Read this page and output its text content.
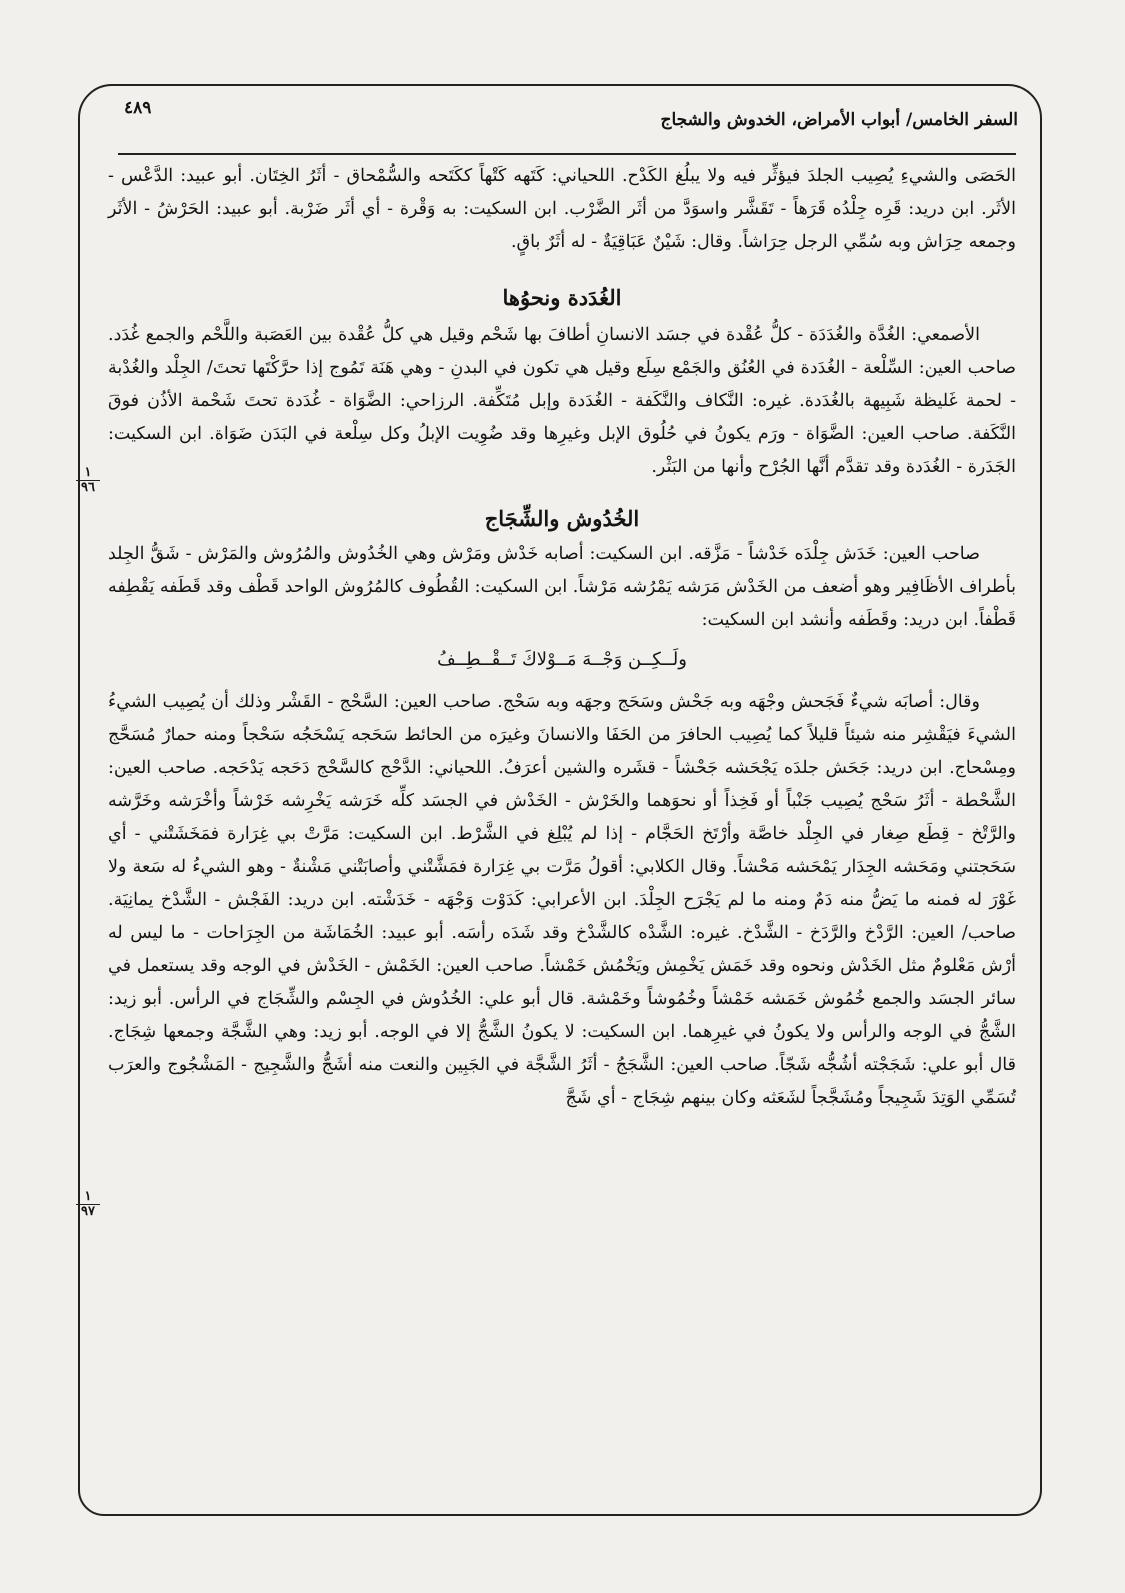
السفر الخامس/ أبواب الأمراض، الخدوش والشجاج
٤٨٩

الحَصَى والشيءِ يُصِيب الجلدَ فيؤثِّر فيه ولا يبلُغ الكَدْح. اللحياني: كَتَهه كَتْهاً ككَتَحه والسُّمْحاق - أثَرُ الخِتَان. أبو عبيد: الدَّعْس - الأثَر. ابن دريد: قَرِه جِلْدُه قَرَهاً - تَقَشَّر واسوَدَّ من أثَر الضَّرْب. ابن السكيت: به وَقْرة - أي أثَر ضَرْبة. أبو عبيد: الحَرْشُ - الأثَر وجمعه حِرَاش وبه سُمِّي الرجل حِرَاشاً. وقال: شَيْنٌ عَبَاقِيَةٌ - له أثَرٌ باقٍ.

الغُدَدة ونحوُها

الأصمعي: الغُدَّة والغُدَدَة - كلُّ عُقْدة في جسَد الانسانِ أطافَ بها شَحْم وقيل هي كلُّ عُقْدة بين العَصَبة واللَّحْم والجمع غُدَد. صاحب العين: السِّلْعة - الغُدَدة في العُنُق والجَمْع سِلَع وقيل هي تكون في البدنِ - وهي هَنَة تَمُوج إذا حرَّكْتَها تحتَ/ الجِلْد والغُدْبة - لحمة غَليظة شَبِيهة بالغُدَدة. غيره: النَّكاف والنَّكَفة - الغُدَدة وإبل مُتَكِّفة. الرزاحي: الضَّوَاة - غُدَدة تحتَ شَحْمة الأذُن فوقَ النَّكَفة. صاحب العين: الضَّوَاة - ورَم يكونُ في حُلُوق الإبل وغيرِها وقد ضُوِيت الإبلُ وكل سِلْعة في البَدَن ضَوَاة. ابن السكيت: الجَدَرة - الغُدَدة وقد تقدَّم أنَّها الجُرْح وأنها من البَثْر.

الخُدُوش والشِّجَاج

صاحب العين: خَدَش جِلْدَه خَدْشاً - مَزَّقه. ابن السكيت: أصابه خَدْش ومَرْش وهي الخُدُوش والمُرُوش والمَرْش - شَقُّ الجِلد بأطراف الأظَافِير وهو أضعف من الخَدْش مَرَشه يَمْرُشه مَرْشاً. ابن السكيت: القُطُوف كالمُرُوش الواحد قَطْف وقد قَطَفه يَقْطِفه قَطْفاً. ابن دريد: وقَطَفه وأنشد ابن السكيت:

ولَــكِــن وَجْــهَ مَــوْلاكَ تَــقْــطِــفُ

وقال: أصابَه شيءٌ فَجَحش وجْهَه وبه جَحْش وسَحَج وجهَه وبه سَحْج. صاحب العين: السَّحْج - القَشْر وذلك أن يُصِيب الشيءُ الشيءَ فيَقْشِر منه شيئاً قليلاً كما يُصِيب الحافرَ من الحَفَا والانسانَ وغيرَه من الحائط سَحَجه يَسْحَجُه سَحْجاً ومنه حمارٌ مُسَحَّج ومِسْحاج. ابن دريد: جَحَش جلدَه يَجْحَشه جَحْشاً - قشَره والشين أعرَفُ. اللحياني: الدَّحْج كالسَّحْج دَحَجه يَدْحَجه. صاحب العين: الشَّحْطة - أثَرُ سَحْج يُصِيب جَنْباً أو فَخِذاً أو نحوَهما والخَرْش - الخَدْش في الجسَد كلِّه خَرَشه يَخْرِشه خَرْشاً وأخْرَشه وخَرَّشه والرَّتْخ - قِطَع صِغار في الجِلْد خاصَّة وأرْتَخ الحَجَّام - إذا لم يُبْلِغ في الشَّرْط. ابن السكيت: مَرَّتْ بي غِرَارة فمَخَشَتْني - أي سَحَجتني ومَحَشه الجِدَار يَمْحَشه مَحْشاً. وقال الكلابي: أقولُ مَرَّت بي غِرَارة فمَشَّتْني وأصابَتْني مَشْنةٌ - وهو الشيءُ له سَعة ولا غَوْرَ له فمنه ما يَضُّ منه دَمٌ ومنه ما لم يَجْرَح الجِلْدَ. ابن الأعرابي: كَدَوْت وَجْهَه - خَدَشْته. ابن دريد: الفَجْش - الشَّدْخ يمانِيَة. صاحب/ العين: الرَّدْخ والرَّدَخ - الشَّدْخ. غيره: الشَّدْه كالشَّدْخ وقد شَدَه رأسَه. أبو عبيد: الخُمَاشَة من الجِرَاحات - ما ليس له أرْش مَعْلومٌ مثل الخَدْش ونحوه وقد خَمَش يَخْمِش ويَخْمُش خَمْشاً. صاحب العين: الخَمْش - الخَدْش في الوجه وقد يستعمل في سائر الجسَد والجمع خُمُوش خَمَشه خَمْشاً وخُمُوشاً وخَمْشة. قال أبو علي: الخُدُوش في الجِسْم والشِّجَاج في الرأس. أبو زيد: الشَّجُّ في الوجه والرأس ولا يكونُ في غيرِهما. ابن السكيت: لا يكونُ الشَّجُّ إلا في الوجه. أبو زيد: وهي الشَّجَّة وجمعها شِجَاج. قال أبو علي: شَجَجْته أشُجُّه شَجّاً. صاحب العين: الشَّجَجُ - أثَرُ الشَّجَّة في الجَبِين والنعت منه أشَجُّ والشَّجِيج - المَشْجُوج والعرَب تُسَمِّي الوَتِدَ شَجِيجاً ومُشَجَّجاً لشَعَثه وكان بينهم شِجَاج - أي شَجَّ

١
٩٦
١
٩٧
